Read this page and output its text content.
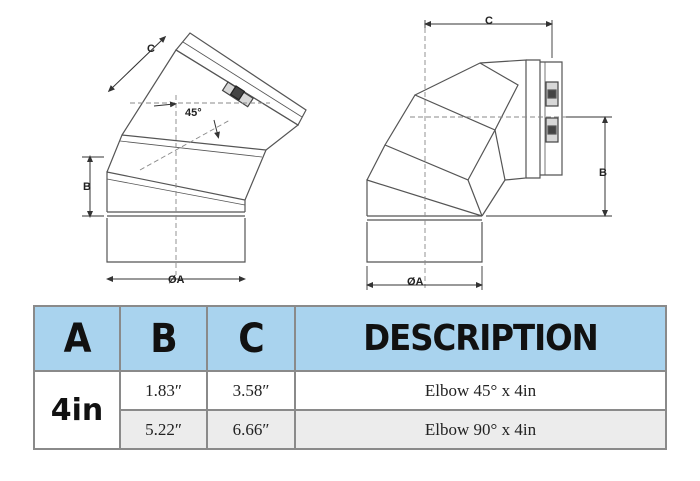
C
B
45°
ØA
C
B
ØA
A	B	C	DESCRIPTION
4in	1.83″	3.58″	Elbow 45° x 4in
	5.22″	6.66″	Elbow 90° x 4in
